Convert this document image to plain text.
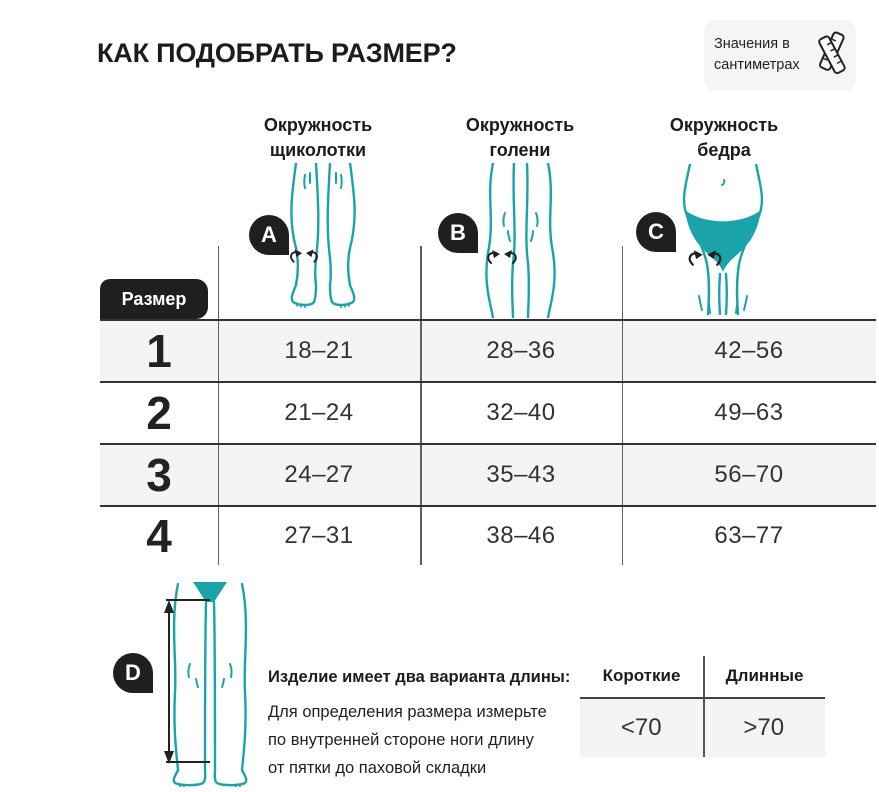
КАК ПОДОБРАТЬ РАЗМЕР?	Значения в сантиметрах
Окружность щиколотки
Окружность голени
Окружность бедра
A	B	C
Размер
1	18–21	28–36	42–56
2	21–24	32–40	49–63
3	24–27	35–43	56–70
4	27–31	38–46	63–77
D	Изделие имеет два варианта длины:
Для определения размера измерьте
по внутренней стороне ноги длину
от пятки до паховой складки
Короткие	Длинные
<70	>70
